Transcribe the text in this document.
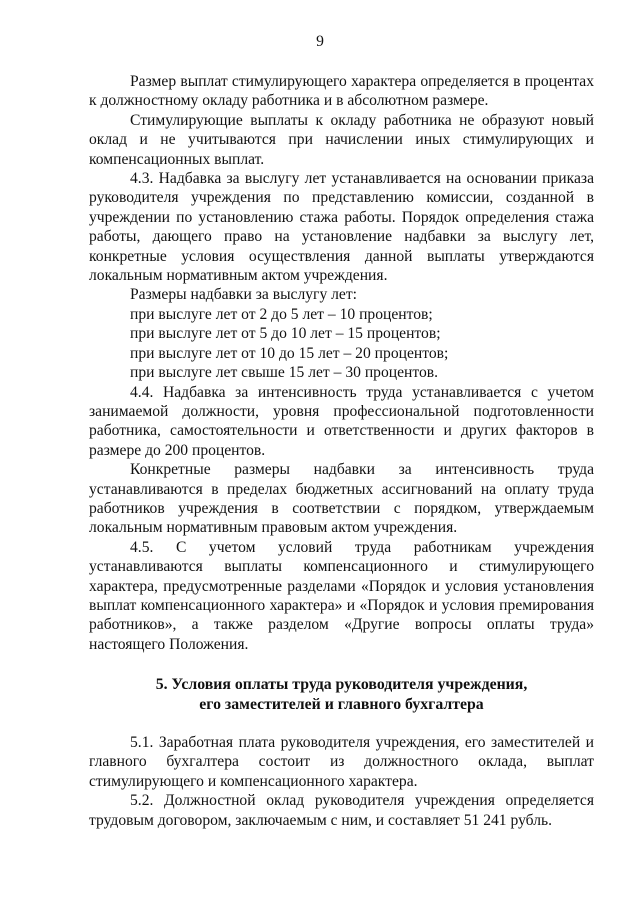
9

Размер выплат стимулирующего характера определяется в процентах к должностному окладу работника и в абсолютном размере.

Стимулирующие выплаты к окладу работника не образуют новый оклад и не учитываются при начислении иных стимулирующих и компенсационных выплат.

4.3. Надбавка за выслугу лет устанавливается на основании приказа руководителя учреждения по представлению комиссии, созданной в учреждении по установлению стажа работы. Порядок определения стажа работы, дающего право на установление надбавки за выслугу лет, конкретные условия осуществления данной выплаты утверждаются локальным нормативным актом учреждения.

Размеры надбавки за выслугу лет:

при выслуге лет от 2 до 5 лет – 10 процентов;
при выслуге лет от 5 до 10 лет – 15 процентов;
при выслуге лет от 10 до 15 лет – 20 процентов;
при выслуге лет свыше 15 лет – 30 процентов.

4.4. Надбавка за интенсивность труда устанавливается с учетом занимаемой должности, уровня профессиональной подготовленности работника, самостоятельности и ответственности и других факторов в размере до 200 процентов.

Конкретные размеры надбавки за интенсивность труда устанавливаются в пределах бюджетных ассигнований на оплату труда работников учреждения в соответствии с порядком, утверждаемым локальным нормативным правовым актом учреждения.

4.5. С учетом условий труда работникам учреждения устанавливаются выплаты компенсационного и стимулирующего характера, предусмотренные разделами «Порядок и условия установления выплат компенсационного характера» и «Порядок и условия премирования работников», а также разделом «Другие вопросы оплаты труда» настоящего Положения.

5. Условия оплаты труда руководителя учреждения,

его заместителей и главного бухгалтера

5.1. Заработная плата руководителя учреждения, его заместителей и главного бухгалтера состоит из должностного оклада, выплат стимулирующего и компенсационного характера.

5.2. Должностной оклад руководителя учреждения определяется трудовым договором, заключаемым с ним, и составляет 51 241 рубль.
